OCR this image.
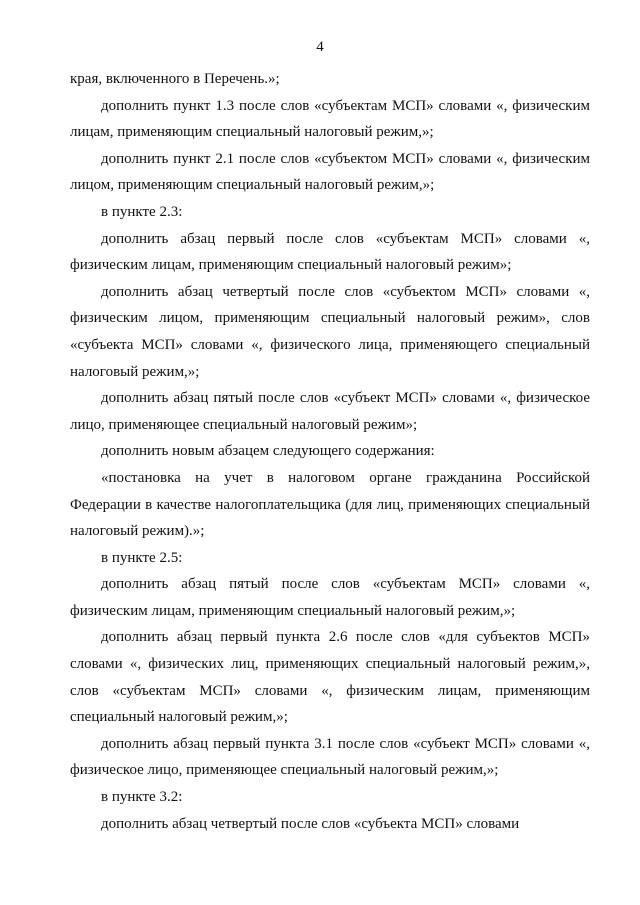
4

края, включенного в Перечень.»;

дополнить пункт 1.3 после слов «субъектам МСП» словами «, физическим лицам, применяющим специальный налоговый режим,»;

дополнить пункт 2.1 после слов «субъектом МСП» словами «, физическим лицом, применяющим специальный налоговый режим,»;

в пункте 2.3:

дополнить абзац первый после слов «субъектам МСП» словами «, физическим лицам, применяющим специальный налоговый режим»;

дополнить абзац четвертый после слов «субъектом МСП» словами «, физическим лицом, применяющим специальный налоговый режим», слов «субъекта МСП» словами «, физического лица, применяющего специальный налоговый режим,»;

дополнить абзац пятый после слов «субъект МСП» словами «, физическое лицо, применяющее специальный налоговый режим»;

дополнить новым абзацем следующего содержания:

«постановка на учет в налоговом органе гражданина Российской Федерации в качестве налогоплательщика (для лиц, применяющих специальный налоговый режим).»;

в пункте 2.5:

дополнить абзац пятый после слов «субъектам МСП» словами «, физическим лицам, применяющим специальный налоговый режим,»;

дополнить абзац первый пункта 2.6 после слов «для субъектов МСП» словами «, физических лиц, применяющих специальный налоговый режим,», слов «субъектам МСП» словами «, физическим лицам, применяющим специальный налоговый режим,»;

дополнить абзац первый пункта 3.1 после слов «субъект МСП» словами «, физическое лицо, применяющее специальный налоговый режим,»;

в пункте 3.2:

дополнить абзац четвертый после слов «субъекта МСП» словами
